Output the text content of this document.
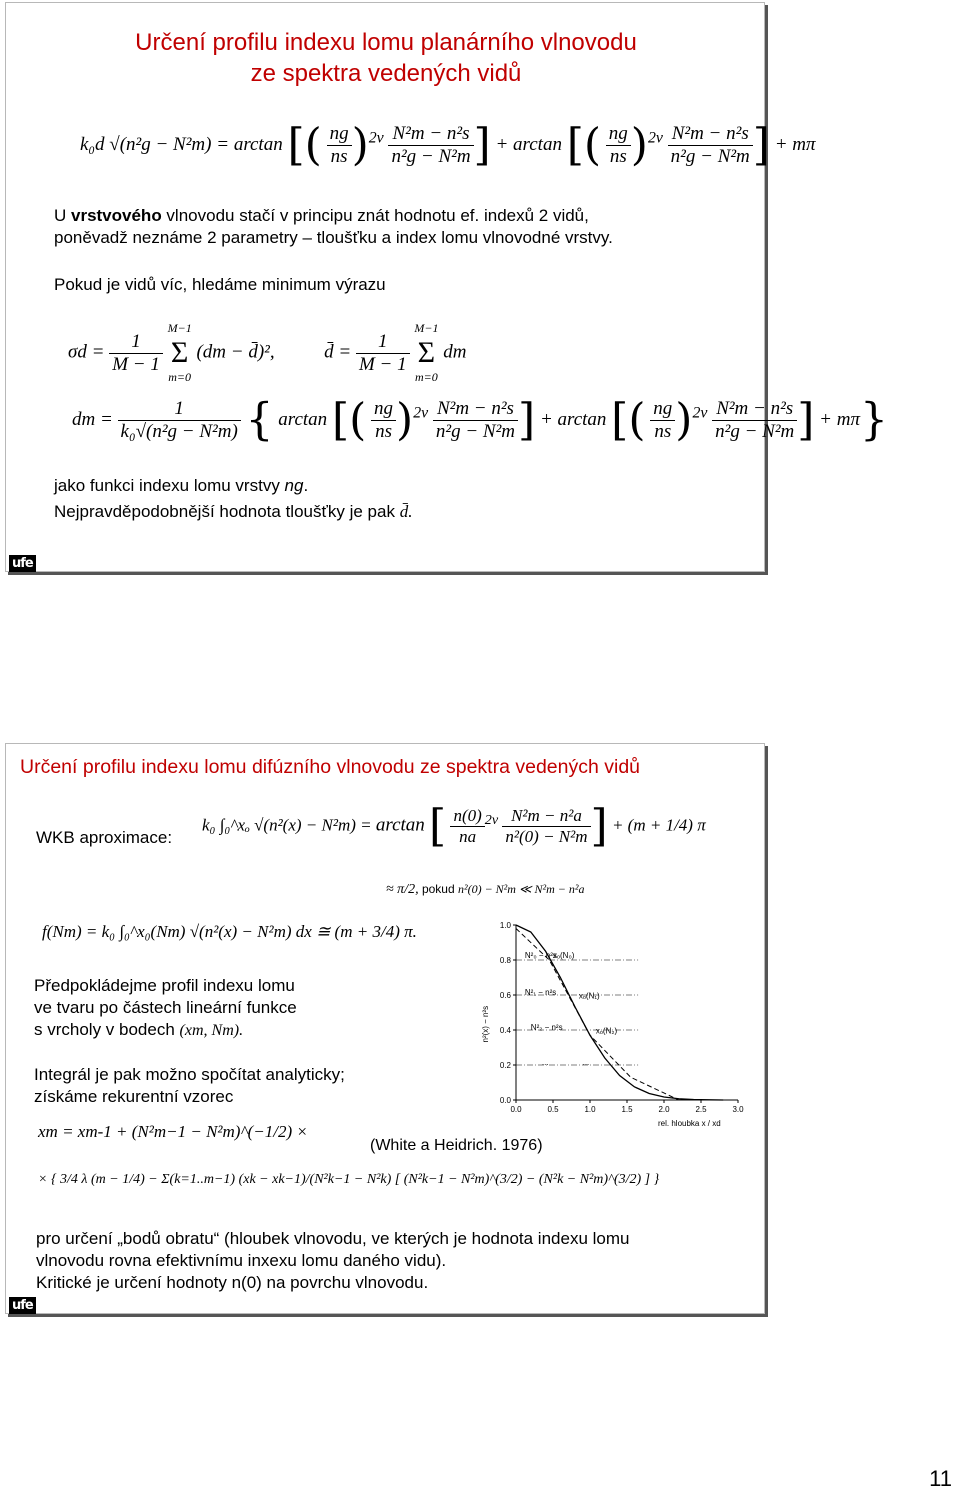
Určení profilu indexu lomu planárního vlnovodu
ze spektra vedených vidů
k₀d √(n²g − N²m) = arctan [( $\frac{ng}{ns} )^{2\nu} \frac{\text{N²m − n²s}}{\text{n²g − N²m}}$ ] + arctan [( $\frac{ng}{ns} )^{2\nu} \frac{\text{N²m − n²s}}{\text{n²g − N²m}}$ ] + mπ
U vrstvového vlnovodu stačí v principu znát hodnotu ef. indexů 2 vidů,
poněvadž neznáme 2 parametry – tloušťku a index lomu vlnovodné vrstvy.
Pokud je vidů víc, hledáme minimum výrazu
$\sigma d = \frac{1}{M - 1}$
M−1
Σ
m=0 (dm − d̄)²,	d̄ = $\frac{1}{M - 1}$
M−1
Σ
m=0 dm
dm = $\frac{1}{\text{k₀√(n²g − N²m)}}$ { arctan [( $\frac{ng}{ns} )^{2\nu} \frac{\text{N²m − n²s}}{\text{n²g − N²m}}$ ] + arctan [( $\frac{ng}{ns} )^{2\nu} \frac{\text{N²m − n²s}}{\text{n²g − N²m}}$ ] + mπ}
jako funkci indexu lomu vrstvy ng.
Nejpravděpodobnější hodnota tloušťky je pak d̄.
ufe
Určení profilu indexu lomu difúzního vlnovodu ze spektra vedených vidů
WKB aproximace:
k₀ ∫₀^xₒ √(n²(x) − N²m) = arctan [ $\frac{n(0)}{na} ^{2\nu} \frac{\text{N²m − n²a}}{\text{n²(0) − N²m}}$ ] + (m + 1/4) π
≈ π/2, pokud n²(0) − N²m ≪ N²m − n²a
f(Nm) = k₀ ∫₀^x₀(Nm) √(n²(x) − N²m) dx ≅ (m + 3/4) π.
Předpokládejme profil indexu lomu
ve tvaru po částech lineární funkce
s vrcholy v bodech (xm, Nm).
Integrál je pak možno spočítat analyticky;
získáme rekurentní vzorec
xm = xm-1 + (N²m−1 − N²m)^(−1/2) ×
× { 3/4 λ (m − 1/4) − Σ(k=1..m−1) (xk − xk−1)/(N²k−1 − N²k) [ (N²k−1 − N²m)^(3/2) − (N²k − N²m)^(3/2) ] }
(White a Heidrich. 1976)
pro určení „bodů obratu“ (hloubek vlnovodu, ve kterých je hodnota indexu lomu
vlnovodu rovna efektivnímu inxexu lomu daného vidu).
Kritické je určení hodnoty n(0) na povrchu vlnovodu.
ufe
0.0	0.5	1.0	1.5	2.0	2.5	3.0
0.0
0.2
0.4
0.6
0.8
1.0
N²₀ − n²s
xₒ(N₀)
N²₁ − n²s	xₒ(N₁)
N²₂ − n²s	xₒ(N₂)
...	...
rel. hloubka x / xd
n²(x) − n²s
11
